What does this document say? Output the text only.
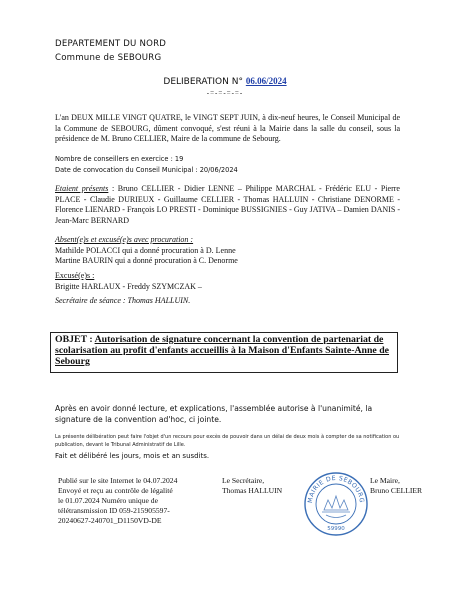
DEPARTEMENT DU NORD
Commune de SEBOURG
DELIBERATION N° 06.06/2024
-=-=-=-=-
L'an DEUX MILLE VINGT QUATRE, le VINGT SEPT JUIN, à dix-neuf heures, le Conseil Municipal de la Commune de SEBOURG, dûment convoqué, s'est réuni à la Mairie dans la salle du conseil, sous la présidence de M. Bruno CELLIER, Maire de la commune de Sebourg.
Nombre de conseillers en exercice : 19
Date de convocation du Conseil Municipal : 20/06/2024
Etaient présents : Bruno CELLIER - Didier LENNE – Philippe MARCHAL - Frédéric ELU - Pierre PLACE - Claudie DURIEUX - Guillaume CELLIER - Thomas HALLUIN - Christiane DENORME - Florence LIENARD - François LO PRESTI - Dominique BUSSIGNIES - Guy JATIVA – Damien DANIS - Jean-Marc BERNARD
Absent(e)s et excusé(e)s avec procuration :
Mathilde POLACCI qui a donné procuration à D. Lenne
Martine BAURIN qui a donné procuration à C. Denorme
Excusé(e)s :
Brigitte HARLAUX - Freddy SZYMCZAK –
Secrétaire de séance : Thomas HALLUIN.
OBJET : Autorisation de signature concernant la convention de partenariat de scolarisation au profit d'enfants accueillis à la Maison d'Enfants Sainte-Anne de Sebourg
Après en avoir donné lecture, et explications, l'assemblée autorise à l'unanimité, la signature de la convention ad'hoc, ci jointe.
La présente délibération peut faire l'objet d'un recours pour excès de pouvoir dans un délai de deux mois à compter de sa notification ou publication, devant le Tribunal Administratif de Lille.
Fait et délibéré les jours, mois et an susdits.
Publié sur le site Internet le 04.07.2024
Envoyé et reçu au contrôle de légalité
le 01.07.2024 Numéro unique de
télétransmission ID 059-215905597-
20240627-240701_D1150VD-DE
Le Secrétaire,
Thomas HALLUIN
MAIRIE DE SEBOURG
59990
Le Maire,
Bruno CELLIER
